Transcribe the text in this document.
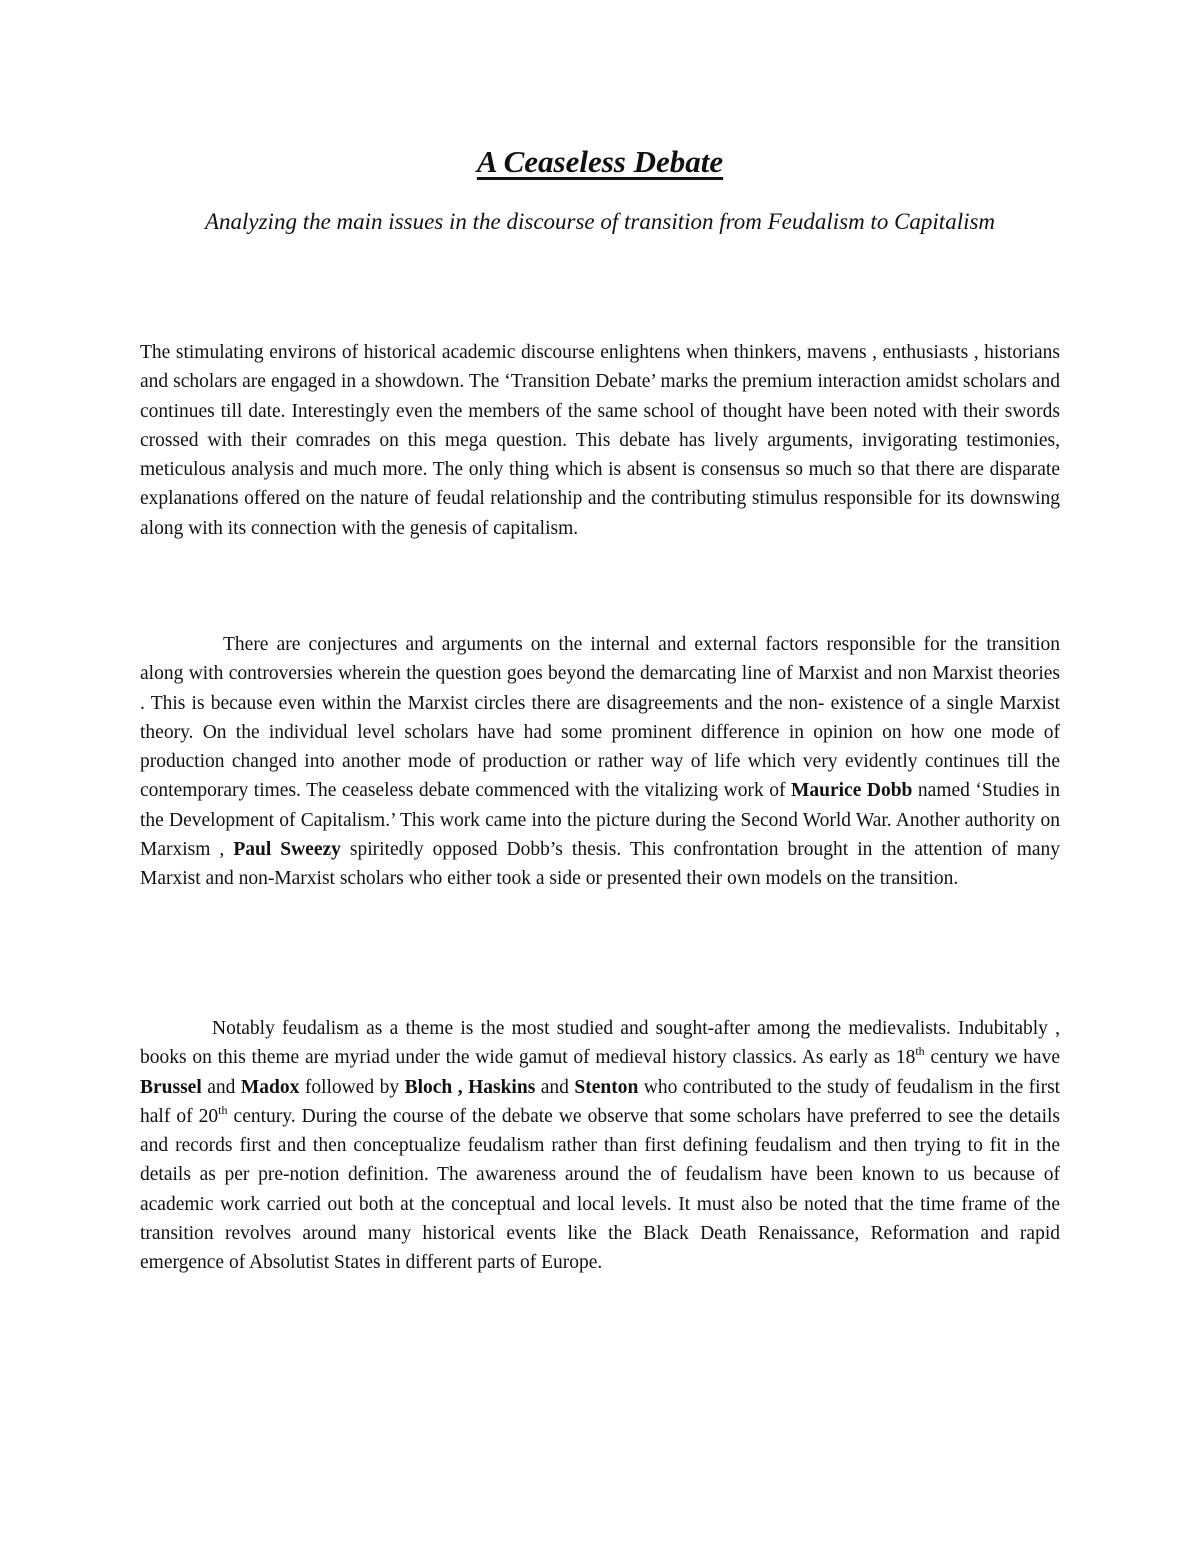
A Ceaseless Debate

Analyzing the main issues in the discourse of transition from Feudalism to Capitalism

The stimulating environs of historical academic discourse enlightens when thinkers, mavens , enthusiasts , historians and scholars are engaged in a showdown. The ‘Transition Debate’ marks the premium interaction amidst scholars and continues till date. Interestingly even the members of the same school of thought have been noted with their swords crossed with their comrades on this mega question. This debate has lively arguments, invigorating testimonies, meticulous analysis and much more. The only thing which is absent is consensus so much so that there are disparate explanations offered on the nature of feudal relationship and the contributing stimulus responsible for its downswing along with its connection with the genesis of capitalism.

There are conjectures and arguments on the internal and external factors responsible for the transition along with controversies wherein the question goes beyond the demarcating line of Marxist and non Marxist theories . This is because even within the Marxist circles there are disagreements and the non- existence of a single Marxist theory. On the individual level scholars have had some prominent difference in opinion on how one mode of production changed into another mode of production or rather way of life which very evidently continues till the contemporary times. The ceaseless debate commenced with the vitalizing work of Maurice Dobb named ‘Studies in the Development of Capitalism.’ This work came into the picture during the Second World War. Another authority on Marxism , Paul Sweezy spiritedly opposed Dobb’s thesis. This confrontation brought in the attention of many Marxist and non-Marxist scholars who either took a side or presented their own models on the transition.

Notably feudalism as a theme is the most studied and sought-after among the medievalists. Indubitably , books on this theme are myriad under the wide gamut of medieval history classics. As early as 18th century we have Brussel and Madox followed by Bloch , Haskins and Stenton who contributed to the study of feudalism in the first half of 20th century. During the course of the debate we observe that some scholars have preferred to see the details and records first and then conceptualize feudalism rather than first defining feudalism and then trying to fit in the details as per pre-notion definition. The awareness around the of feudalism have been known to us because of academic work carried out both at the conceptual and local levels. It must also be noted that the time frame of the transition revolves around many historical events like the Black Death Renaissance, Reformation and rapid emergence of Absolutist States in different parts of Europe.
